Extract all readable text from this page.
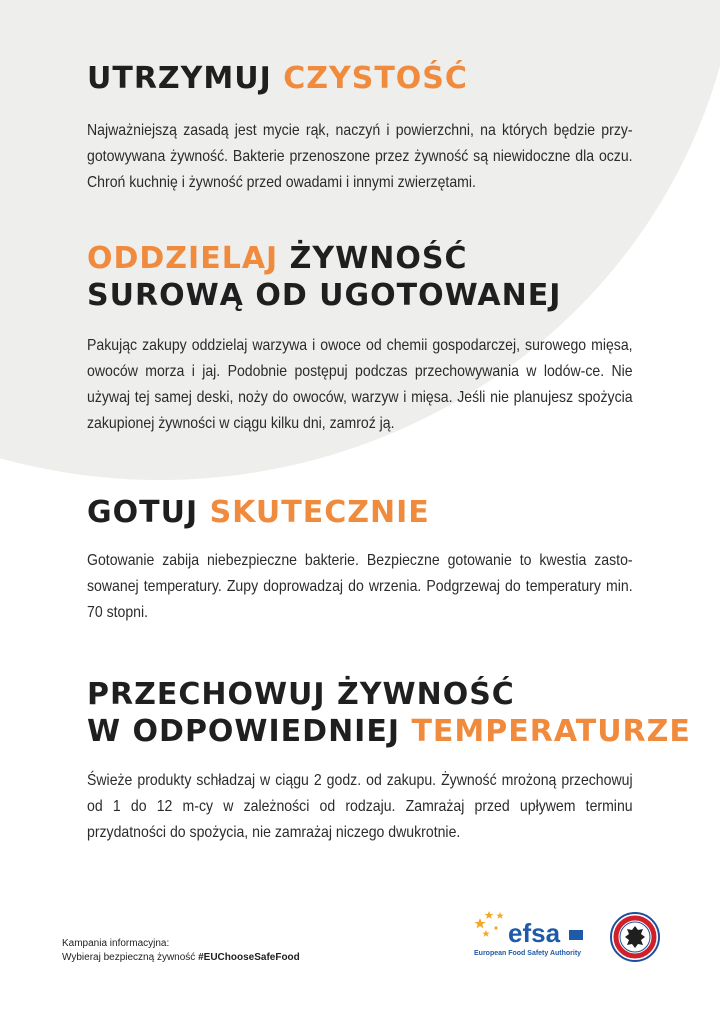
UTRZYMUJ CZYSTOŚĆ

Najważniejszą zasadą jest mycie rąk, naczyń i powierzchni, na których będzie przy-gotowywana żywność. Bakterie przenoszone przez żywność są niewidoczne dla oczu. Chroń kuchnię i żywność przed owadami i innymi zwierzętami.

ODDZIELAJ ŻYWNOŚĆ
SUROWĄ OD UGOTOWANEJ

Pakując zakupy oddzielaj warzywa i owoce od chemii gospodarczej, surowego mięsa, owoców morza i jaj. Podobnie postępuj podczas przechowywania w lodów-ce. Nie używaj tej samej deski, noży do owoców, warzyw i mięsa. Jeśli nie planujesz spożycia zakupionej żywności w ciągu kilku dni, zamroź ją.

GOTUJ SKUTECZNIE

Gotowanie zabija niebezpieczne bakterie. Bezpieczne gotowanie to kwestia zasto-sowanej temperatury. Zupy doprowadzaj do wrzenia. Podgrzewaj do temperatury min. 70 stopni.

PRZECHOWUJ ŻYWNOŚĆ
W ODPOWIEDNIEJ TEMPERATURZE

Świeże produkty schładzaj w ciągu 2 godz. od zakupu. Żywność mrożoną przechowuj od 1 do 12 m-cy w zależności od rodzaju. Zamrażaj przed upływem terminu przydatności do spożycia, nie zamrażaj niczego dwukrotnie.

Kampania informacyjna:
Wybieraj bezpieczną żywność #EUChooseSafeFood
efsa
European Food Safety Authority
